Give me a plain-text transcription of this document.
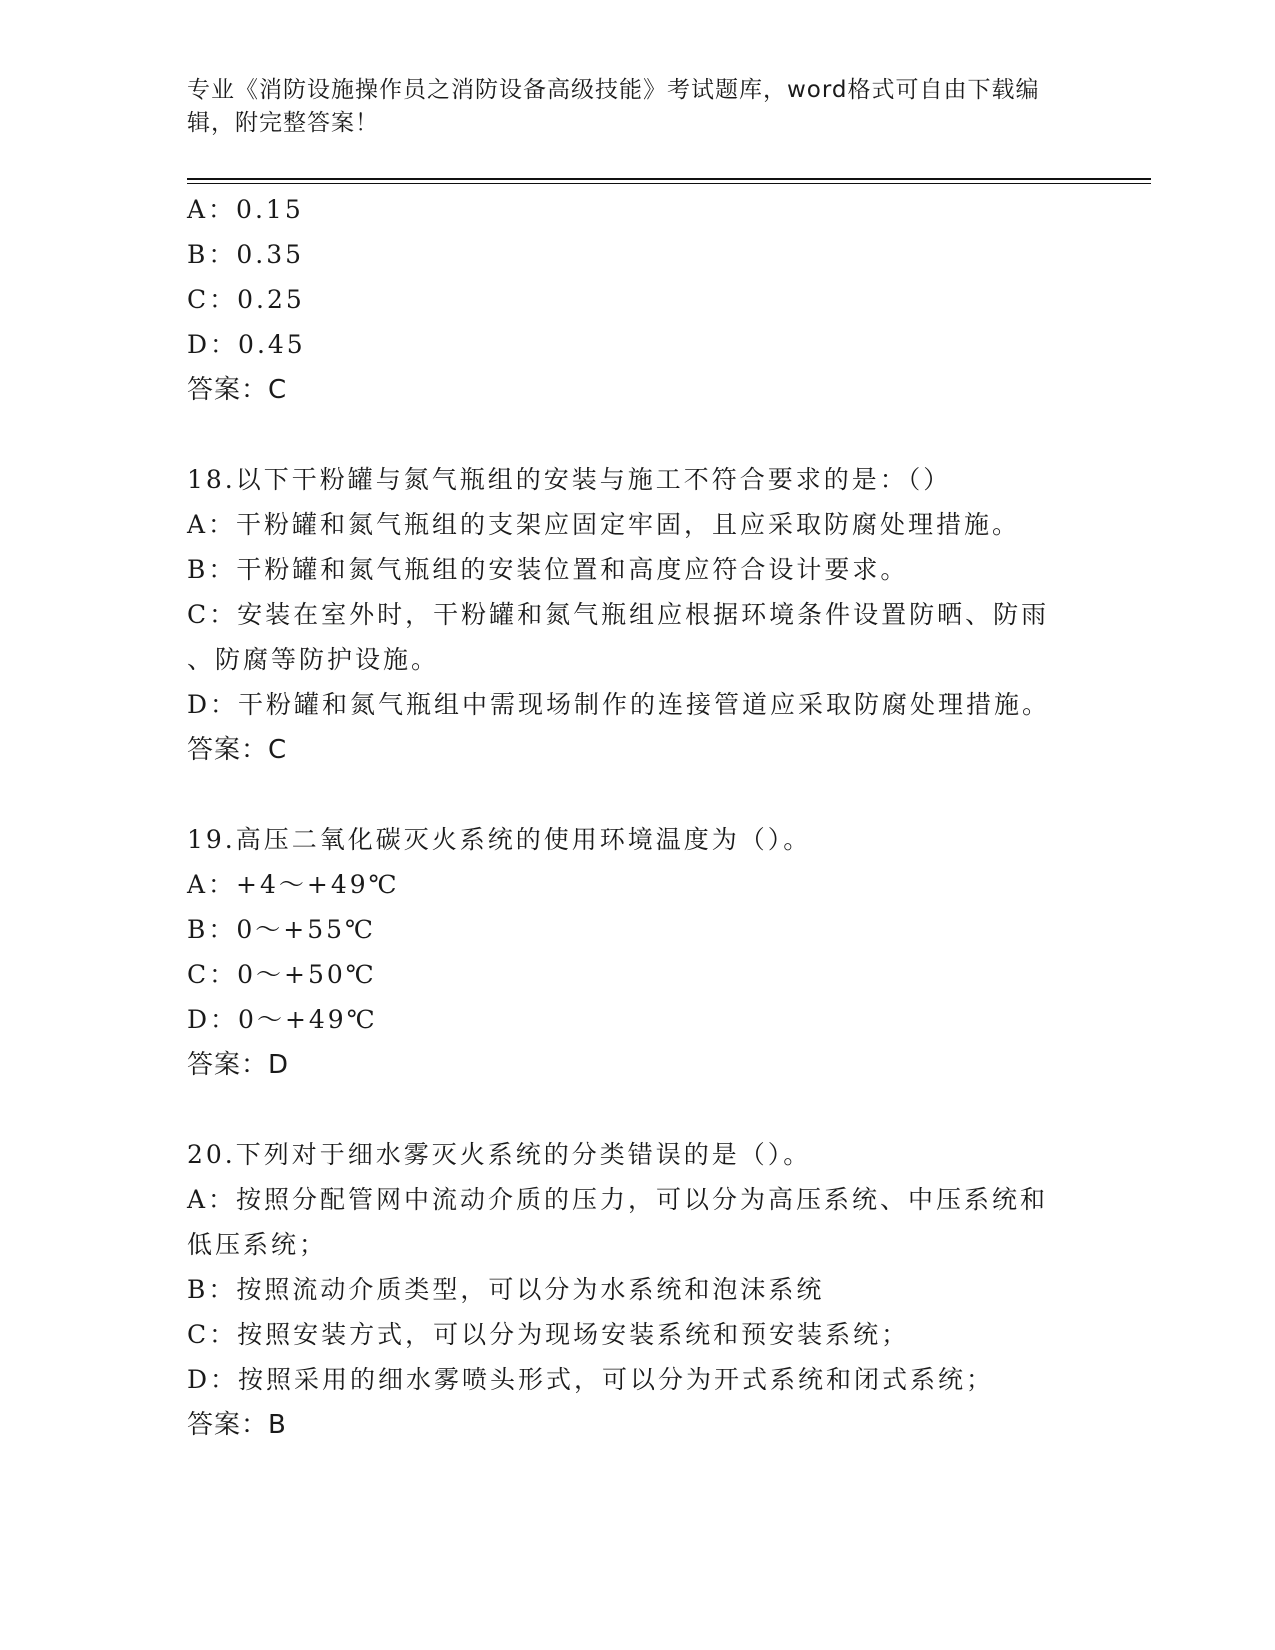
专业《消防设施操作员之消防设备高级技能》考试题库，word格式可自由下载编辑，附完整答案！
A：0.15
B：0.35
C：0.25
D：0.45
答案：C
18.以下干粉罐与氮气瓶组的安装与施工不符合要求的是：（）
A：干粉罐和氮气瓶组的支架应固定牢固，且应采取防腐处理措施。
B：干粉罐和氮气瓶组的安装位置和高度应符合设计要求。
C：安装在室外时，干粉罐和氮气瓶组应根据环境条件设置防晒、防雨
、防腐等防护设施。
D：干粉罐和氮气瓶组中需现场制作的连接管道应采取防腐处理措施。
答案：C
19.高压二氧化碳灭火系统的使用环境温度为（）。
A：+4～+49℃
B：0～+55℃
C：0～+50℃
D：0～+49℃
答案：D
20.下列对于细水雾灭火系统的分类错误的是（）。
A：按照分配管网中流动介质的压力，可以分为高压系统、中压系统和
低压系统；
B：按照流动介质类型，可以分为水系统和泡沫系统
C：按照安装方式，可以分为现场安装系统和预安装系统；
D：按照采用的细水雾喷头形式，可以分为开式系统和闭式系统；
答案：B
